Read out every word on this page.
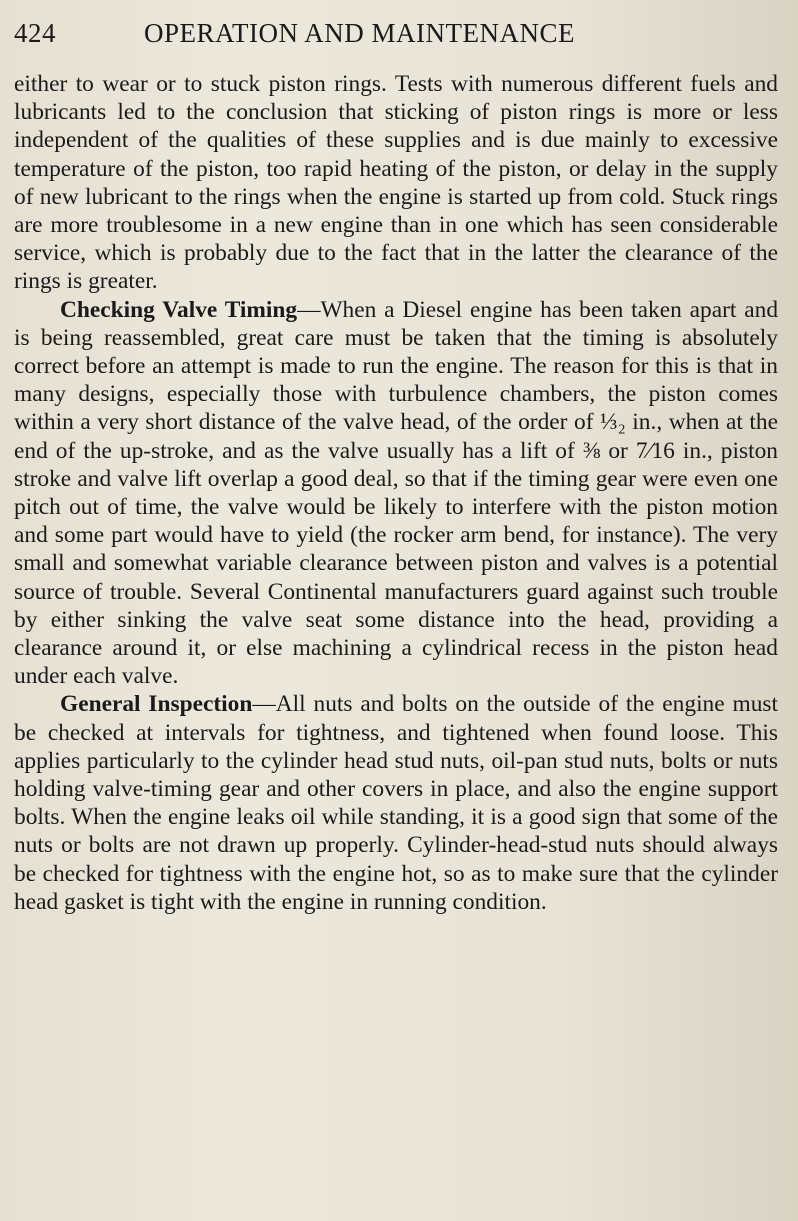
424	OPERATION AND MAINTENANCE

either to wear or to stuck piston rings. Tests with numerous different fuels and lubricants led to the conclusion that sticking of piston rings is more or less independent of the qualities of these supplies and is due mainly to excessive temperature of the piston, too rapid heating of the piston, or delay in the supply of new lubricant to the rings when the engine is started up from cold. Stuck rings are more troublesome in a new engine than in one which has seen considerable service, which is probably due to the fact that in the latter the clearance of the rings is greater.

Checking Valve Timing—When a Diesel engine has been taken apart and is being reassembled, great care must be taken that the timing is absolutely correct before an attempt is made to run the engine. The reason for this is that in many designs, especially those with turbulence chambers, the piston comes within a very short distance of the valve head, of the order of ⅓₂ in., when at the end of the up-stroke, and as the valve usually has a lift of ⅜ or 7⁄16 in., piston stroke and valve lift overlap a good deal, so that if the timing gear were even one pitch out of time, the valve would be likely to interfere with the piston motion and some part would have to yield (the rocker arm bend, for instance). The very small and somewhat variable clearance between piston and valves is a potential source of trouble. Several Continental manufacturers guard against such trouble by either sinking the valve seat some distance into the head, providing a clearance around it, or else machining a cylindrical recess in the piston head under each valve.

General Inspection—All nuts and bolts on the outside of the engine must be checked at intervals for tightness, and tightened when found loose. This applies particularly to the cylinder head stud nuts, oil-pan stud nuts, bolts or nuts holding valve-timing gear and other covers in place, and also the engine support bolts. When the engine leaks oil while standing, it is a good sign that some of the nuts or bolts are not drawn up properly. Cylinder-head-stud nuts should always be checked for tightness with the engine hot, so as to make sure that the cylinder head gasket is tight with the engine in running condition.
